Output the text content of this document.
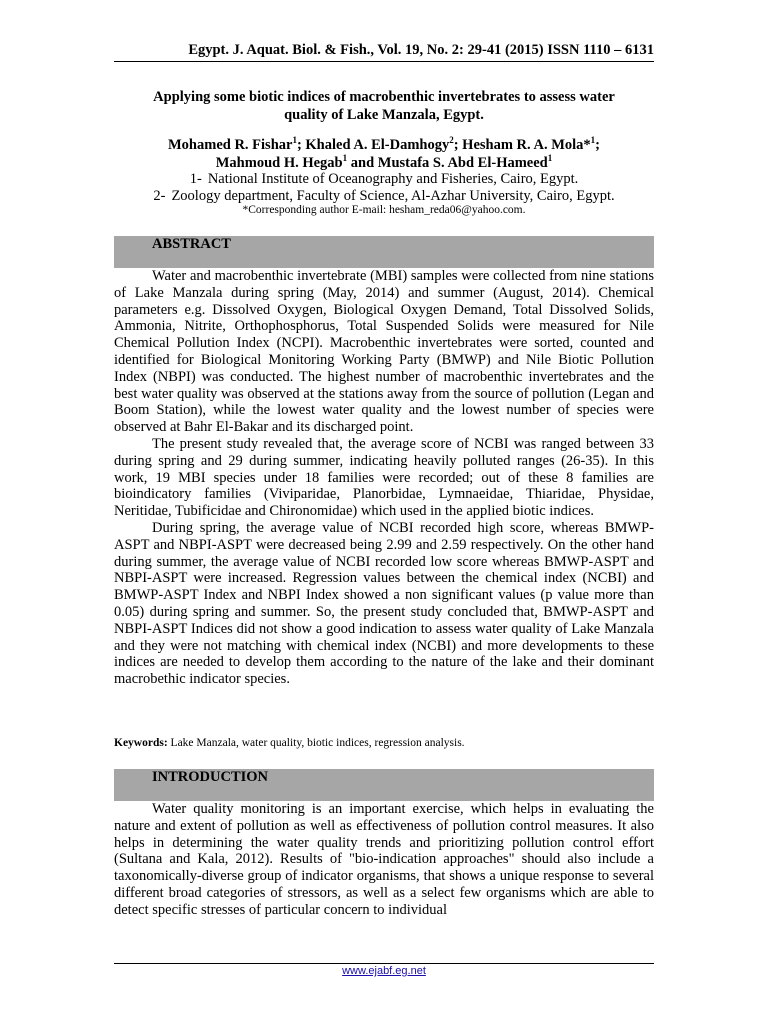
Egypt. J. Aquat. Biol. & Fish., Vol. 19, No. 2: 29-41 (2015) ISSN 1110 – 6131
Applying some biotic indices of macrobenthic invertebrates to assess water
quality of Lake Manzala, Egypt.
Mohamed R. Fishar$^1$; Khaled A. El-Damhogy$^2$; Hesham R. A. Mola*$^1$;
Mahmoud H. Hegab$^1$ and Mustafa S. Abd El-Hameed$^1$
1- National Institute of Oceanography and Fisheries, Cairo, Egypt.
2- Zoology department, Faculty of Science, Al-Azhar University, Cairo, Egypt.
*Corresponding author E-mail: hesham_reda06@yahoo.com.
ABSTRACT

Water and macrobenthic invertebrate (MBI) samples were collected from nine stations of Lake Manzala during spring (May, 2014) and summer (August, 2014). Chemical parameters e.g. Dissolved Oxygen, Biological Oxygen Demand, Total Dissolved Solids, Ammonia, Nitrite, Orthophosphorus, Total Suspended Solids were measured for Nile Chemical Pollution Index (NCPI). Macrobenthic invertebrates were sorted, counted and identified for Biological Monitoring Working Party (BMWP) and Nile Biotic Pollution Index (NBPI) was conducted. The highest number of macrobenthic invertebrates and the best water quality was observed at the stations away from the source of pollution (Legan and Boom Station), while the lowest water quality and the lowest number of species were observed at Bahr El-Bakar and its discharged point.

The present study revealed that, the average score of NCBI was ranged between 33 during spring and 29 during summer, indicating heavily polluted ranges (26-35). In this work, 19 MBI species under 18 families were recorded; out of these 8 families are bioindicatory families (Viviparidae, Planorbidae, Lymnaeidae, Thiaridae, Physidae, Neritidae, Tubificidae and Chironomidae) which used in the applied biotic indices.

During spring, the average value of NCBI recorded high score, whereas BMWP-ASPT and NBPI-ASPT were decreased being 2.99 and 2.59 respectively. On the other hand during summer, the average value of NCBI recorded low score whereas BMWP-ASPT and NBPI-ASPT were increased. Regression values between the chemical index (NCBI) and BMWP-ASPT Index and NBPI Index showed a non significant values (p value more than 0.05) during spring and summer. So, the present study concluded that, BMWP-ASPT and NBPI-ASPT Indices did not show a good indication to assess water quality of Lake Manzala and they were not matching with chemical index (NCBI) and more developments to these indices are needed to develop them according to the nature of the lake and their dominant macrobethic indicator species.

Keywords: Lake Manzala, water quality, biotic indices, regression analysis.
INTRODUCTION

Water quality monitoring is an important exercise, which helps in evaluating the nature and extent of pollution as well as effectiveness of pollution control measures. It also helps in determining the water quality trends and prioritizing pollution control effort (Sultana and Kala, 2012). Results of "bio-indication approaches" should also include a taxonomically-diverse group of indicator organisms, that shows a unique response to several different broad categories of stressors, as well as a select few organisms which are able to detect specific stresses of particular concern to individual

www.ejabf.eg.net
